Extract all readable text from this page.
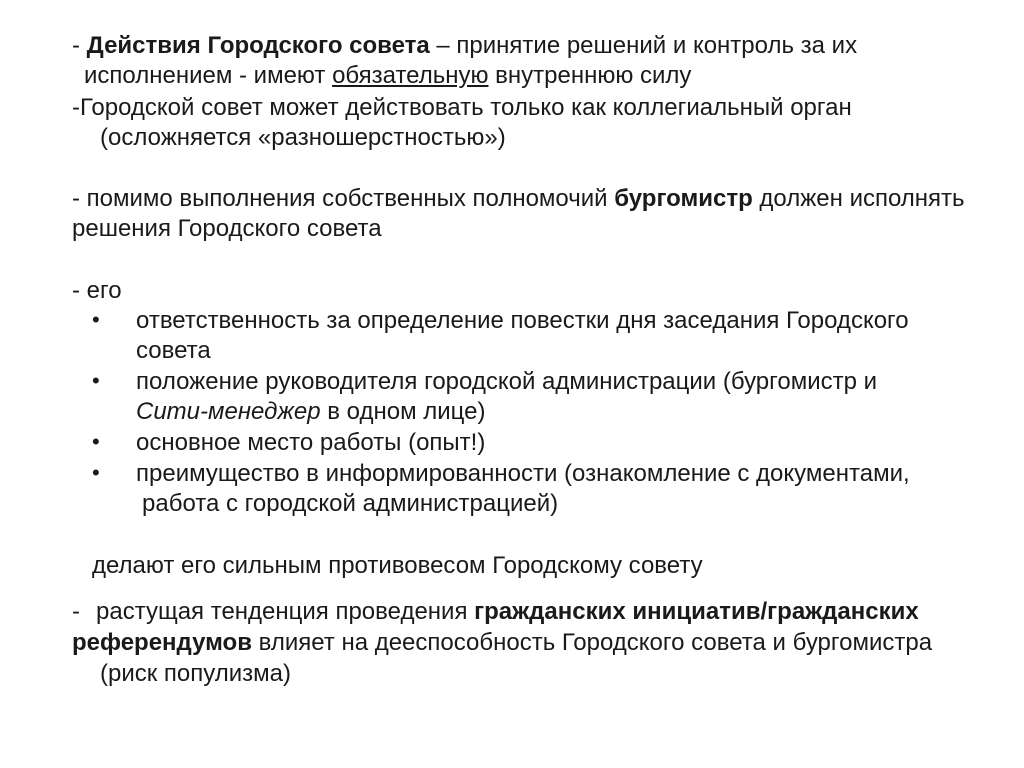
- Действия Городского совета – принятие решений и контроль за их
исполнением - имеют обязательную внутреннюю силу
-Городской совет может действовать только как коллегиальный орган
(осложняется «разношерстностью»)
- помимо выполнения собственных полномочий бургомистр должен исполнять
решения Городского совета
- его
• ответственность за определение повестки дня заседания Городского
совета
• положение руководителя городской администрации (бургомистр и
Сити-менеджер в одном лице)
• основное место работы (опыт!)
• преимущество в информированности (ознакомление с документами,
работа с городской администрацией)
делают его сильным противовесом Городскому совету
- растущая тенденция проведения гражданских инициатив/гражданских
референдумов влияет на дееспособность Городского совета и бургомистра
(риск популизма)
